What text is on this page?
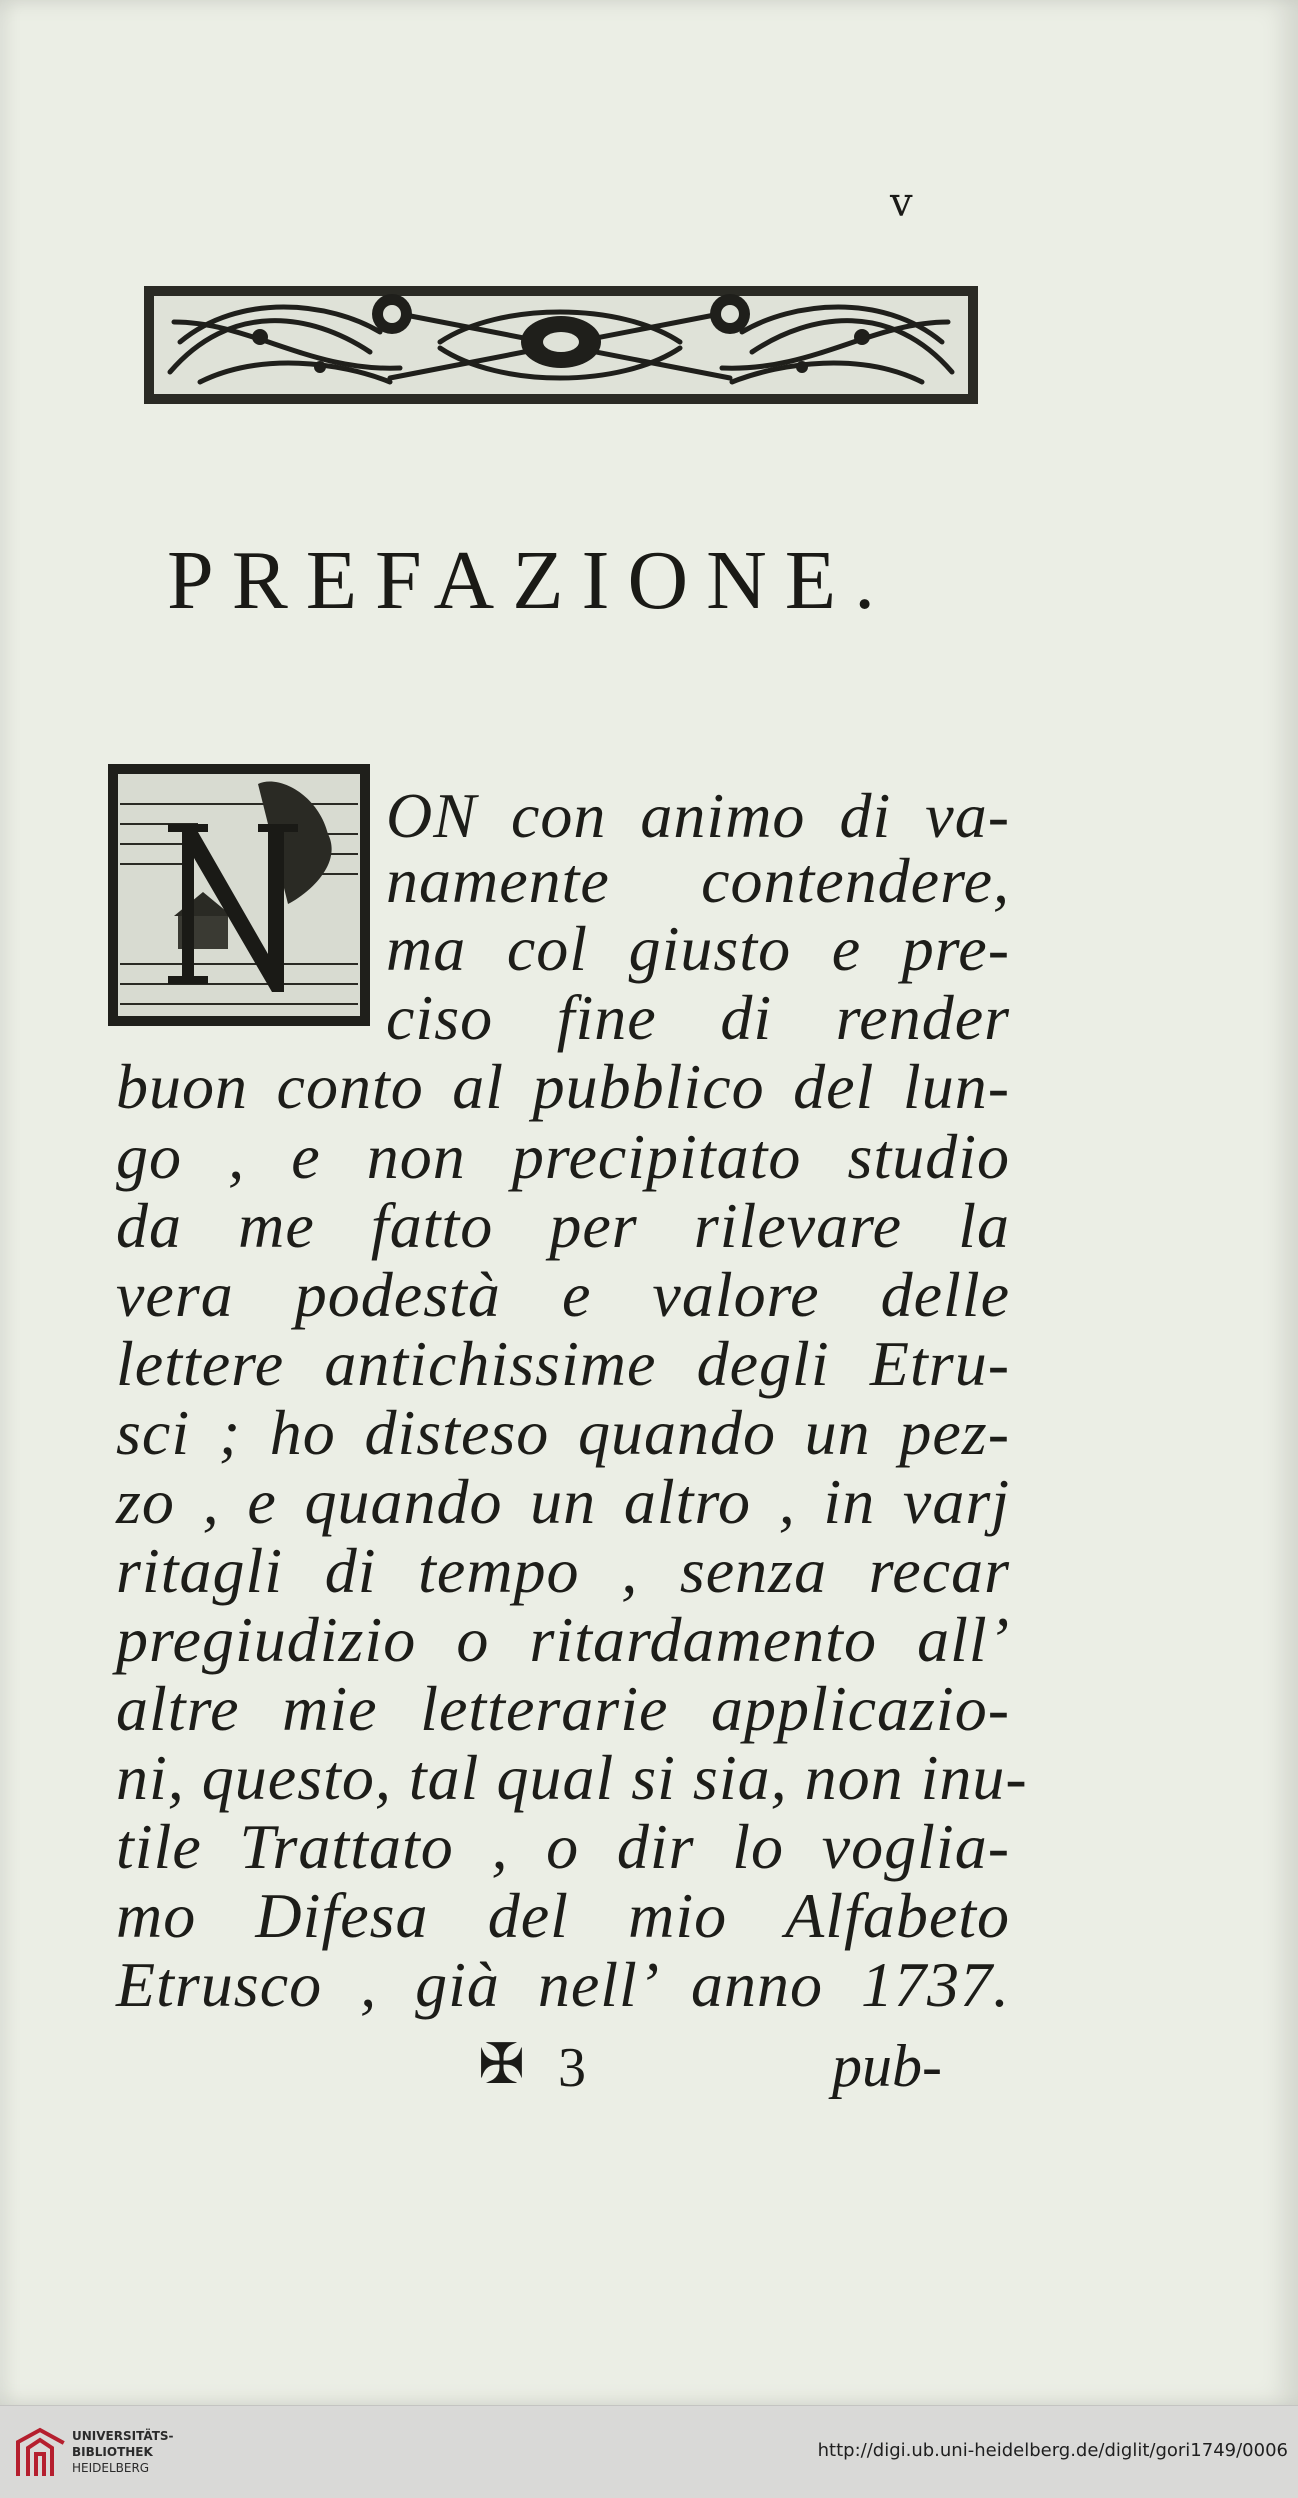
v
PREFAZIONE.

ON con animo di va-

namente contendere,

ma col giusto e pre-

ciso fine di render

buon conto al pubblico del lun-

go , e non precipitato studio

da me fatto per rilevare la

vera podestà e valore delle

lettere antichissime degli Etru-

sci ; ho disteso quando un pez-

zo , e quando un altro , in varj

ritagli di tempo , senza recar

pregiudizio o ritardamento all’

altre mie letterarie applicazio-

ni, questo, tal qual si sia, non inu-

tile Trattato , o dir lo voglia-

mo Difesa del mio Alfabeto

Etrusco , già nell’ anno 1737.

✠ 3	pub-

UNIVERSITÄTS-
BIBLIOTHEK
HEIDELBERG

http://digi.ub.uni-heidelberg.de/diglit/gori1749/0006
